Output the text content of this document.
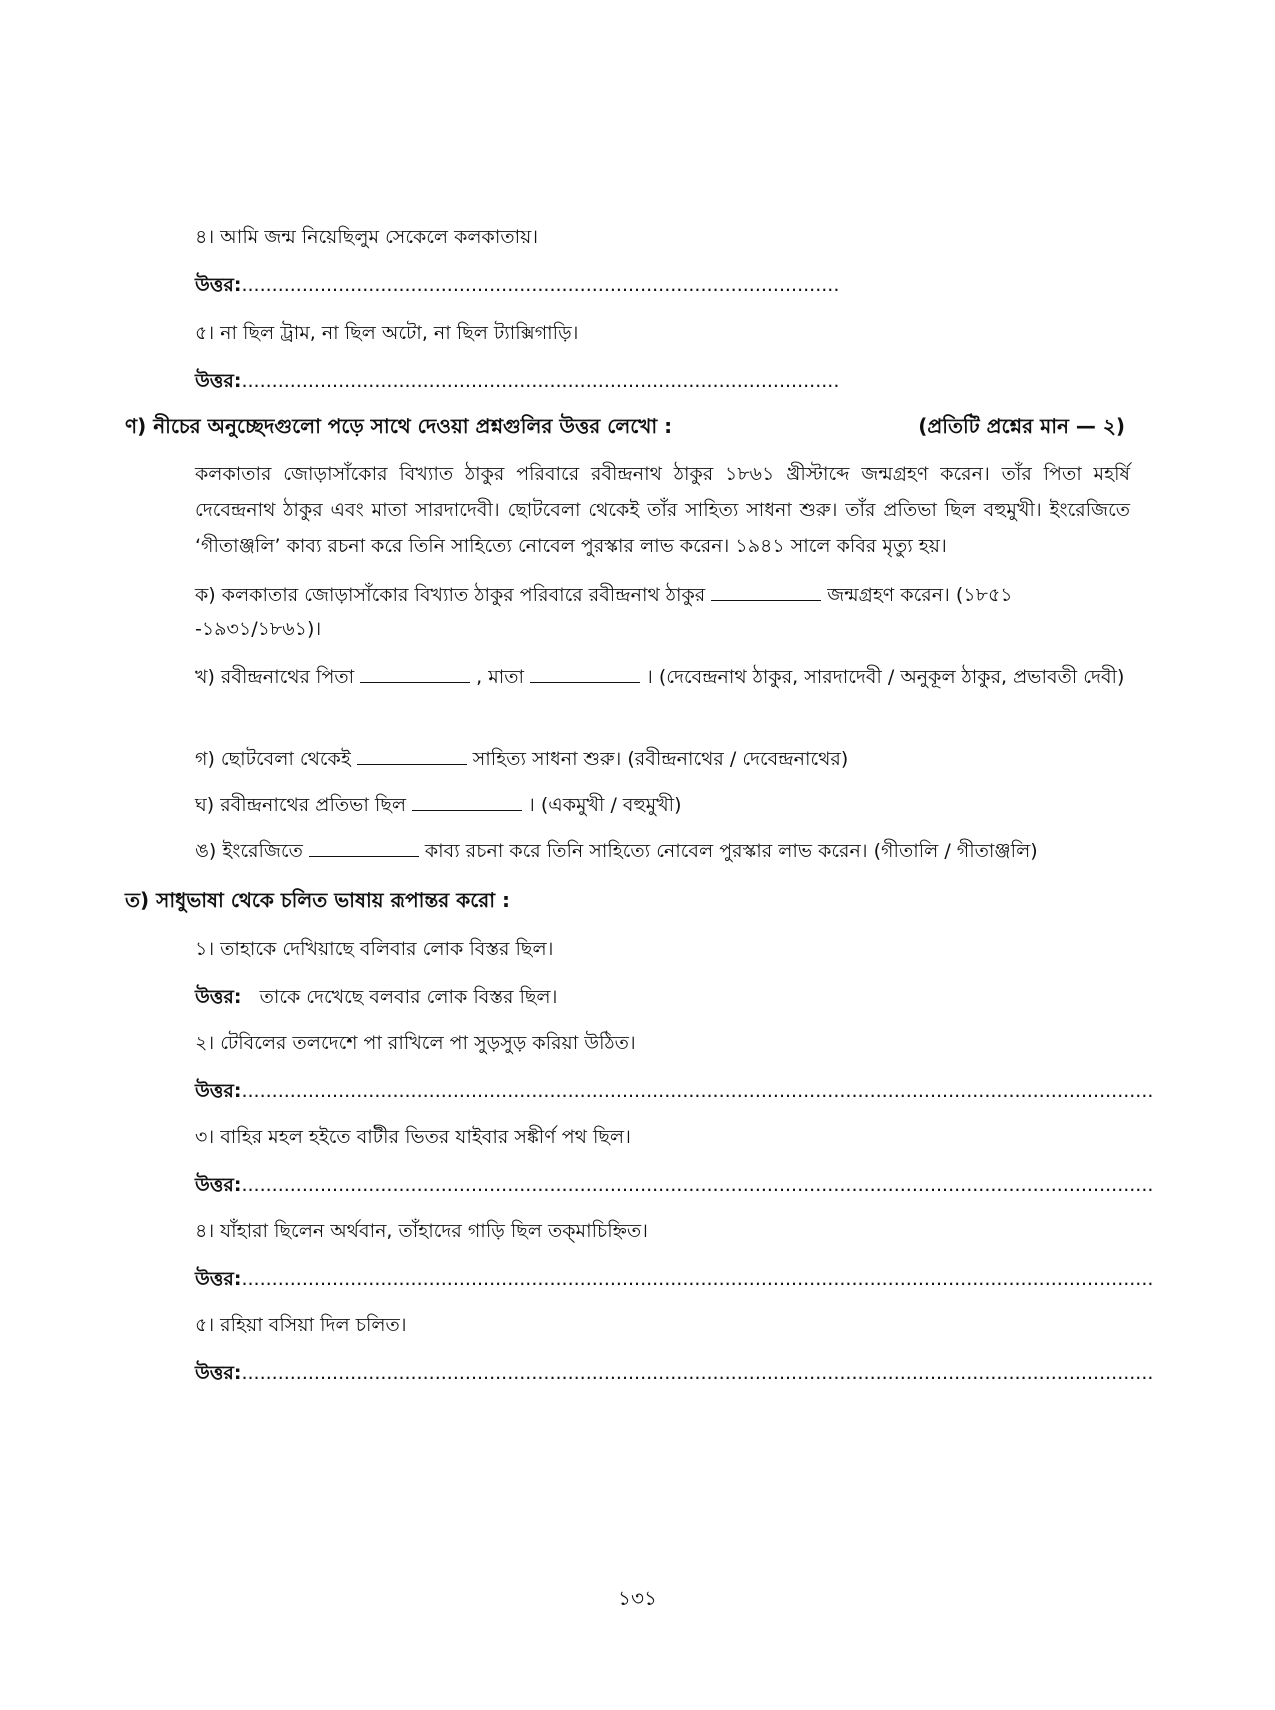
৪। আমি জন্ম নিয়েছিলুম সেকেলে কলকাতায়।
উত্তর:...................................................................................................
৫। না ছিল ট্রাম, না ছিল অটো, না ছিল ট্যাক্সিগাড়ি।
উত্তর:...................................................................................................
ণ) নীচের অনুচ্ছেদগুলো পড়ে সাথে দেওয়া প্রশ্নগুলির উত্তর লেখো :	(প্রতিটি প্রশ্নের মান — ২)
কলকাতার জোড়াসাঁকোর বিখ্যাত ঠাকুর পরিবারে রবীন্দ্রনাথ ঠাকুর ১৮৬১ খ্রীস্টাব্দে জন্মগ্রহণ করেন। তাঁর পিতা মহর্ষি দেবেন্দ্রনাথ ঠাকুর এবং মাতা সারদাদেবী। ছোটবেলা থেকেই তাঁর সাহিত্য সাধনা শুরু। তাঁর প্রতিভা ছিল বহুমুখী। ইংরেজিতে ‘গীতাঞ্জলি’ কাব্য রচনা করে তিনি সাহিত্যে নোবেল পুরস্কার লাভ করেন। ১৯৪১ সালে কবির মৃত্যু হয়।
ক) কলকাতার জোড়াসাঁকোর বিখ্যাত ঠাকুর পরিবারে রবীন্দ্রনাথ ঠাকুর	জন্মগ্রহণ করেন। (১৮৫১ -১৯৩১/১৮৬১)।
খ) রবীন্দ্রনাথের পিতা	, মাতা	। (দেবেন্দ্রনাথ ঠাকুর, সারদাদেবী / অনুকূল ঠাকুর, প্রভাবতী দেবী)
গ) ছোটবেলা থেকেই	সাহিত্য সাধনা শুরু। (রবীন্দ্রনাথের / দেবেন্দ্রনাথের)
ঘ) রবীন্দ্রনাথের প্রতিভা ছিল	। (একমুখী / বহুমুখী)
ঙ) ইংরেজিতে	কাব্য রচনা করে তিনি সাহিত্যে নোবেল পুরস্কার লাভ করেন। (গীতালি / গীতাঞ্জলি)
ত) সাধুভাষা থেকে চলিত ভাষায় রূপান্তর করো :
১। তাহাকে দেখিয়াছে বলিবার লোক বিস্তর ছিল।
উত্তর: তাকে দেখেছে বলবার লোক বিস্তর ছিল।
২। টেবিলের তলদেশে পা রাখিলে পা সুড়সুড় করিয়া উঠিত।
উত্তর:.......................................................................................................................................................
৩। বাহির মহল হইতে বাটীর ভিতর যাইবার সঙ্কীর্ণ পথ ছিল।
উত্তর:.......................................................................................................................................................
৪। যাঁহারা ছিলেন অর্থবান, তাঁহাদের গাড়ি ছিল তক্‌মাচিহ্নিত।
উত্তর:.......................................................................................................................................................
৫। রহিয়া বসিয়া দিল চলিত।
উত্তর:.......................................................................................................................................................
১৩১
